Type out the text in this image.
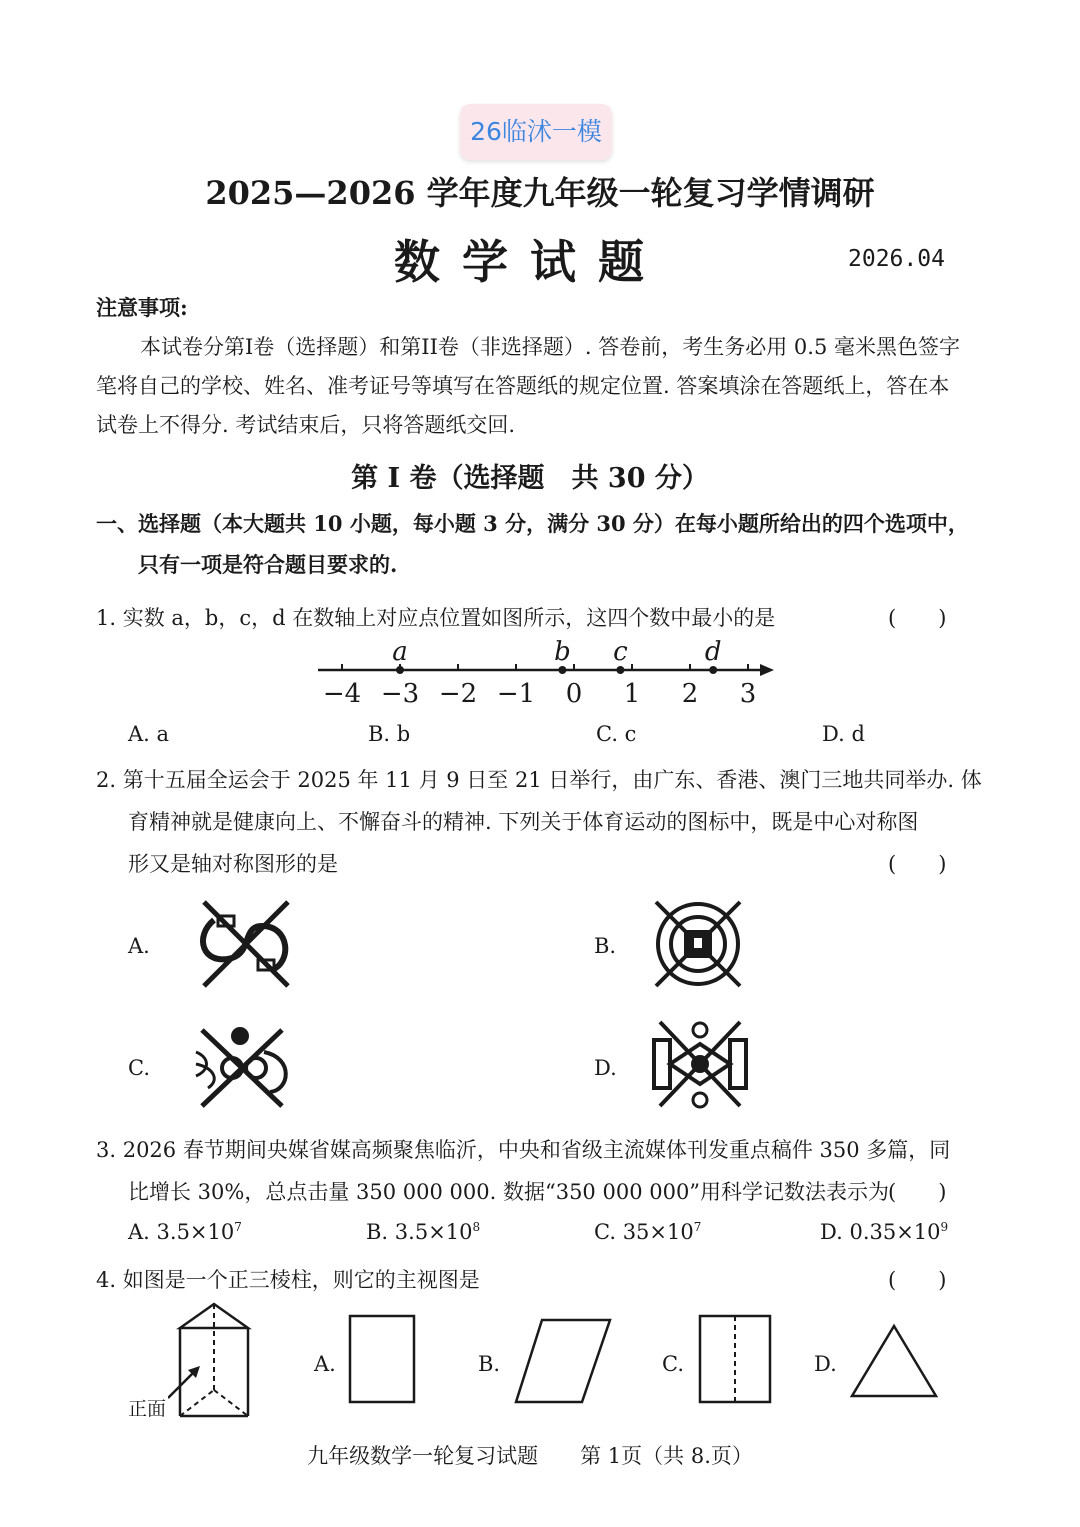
26临沭一模
2025—2026 学年度九年级一轮复习学情调研
数学试题	2026.04
注意事项:
本试卷分第I卷（选择题）和第II卷（非选择题）. 答卷前，考生务必用 0.5 毫米黑色签字笔将自己的学校、姓名、准考证号等填写在答题纸的规定位置. 答案填涂在答题纸上，答在本试卷上不得分. 考试结束后，只将答题纸交回.
第 I 卷（选择题　共 30 分）
一、选择题（本大题共 10 小题，每小题 3 分，满分 30 分）在每小题所给出的四个选项中，
只有一项是符合题目要求的.
1. 实数 a，b，c，d 在数轴上对应点位置如图所示，这四个数中最小的是	(　　)
−4 −3 −2 −1 0 1 2 3
a	b c	d
A. a	B. b	C. c	D. d
2. 第十五届全运会于 2025 年 11 月 9 日至 21 日举行，由广东、香港、澳门三地共同举办. 体
育精神就是健康向上、不懈奋斗的精神. 下列关于体育运动的图标中，既是中心对称图
形又是轴对称图形的是	(　　)
A.	B.
C.	D.
3. 2026 春节期间央媒省媒高频聚焦临沂，中央和省级主流媒体刊发重点稿件 350 多篇，同
比增长 30%，总点击量 350 000 000. 数据“350 000 000”用科学记数法表示为
(　　)
A. $3.5\times 10^7$	B. $3.5\times 10^8$	C. $35\times 10^7$	D. $0.35\times 10^9$
4. 如图是一个正三棱柱，则它的主视图是	(　　)
正面
A.	B.	C.	D.
九年级数学一轮复习试题　　第 1页（共 8.页）
